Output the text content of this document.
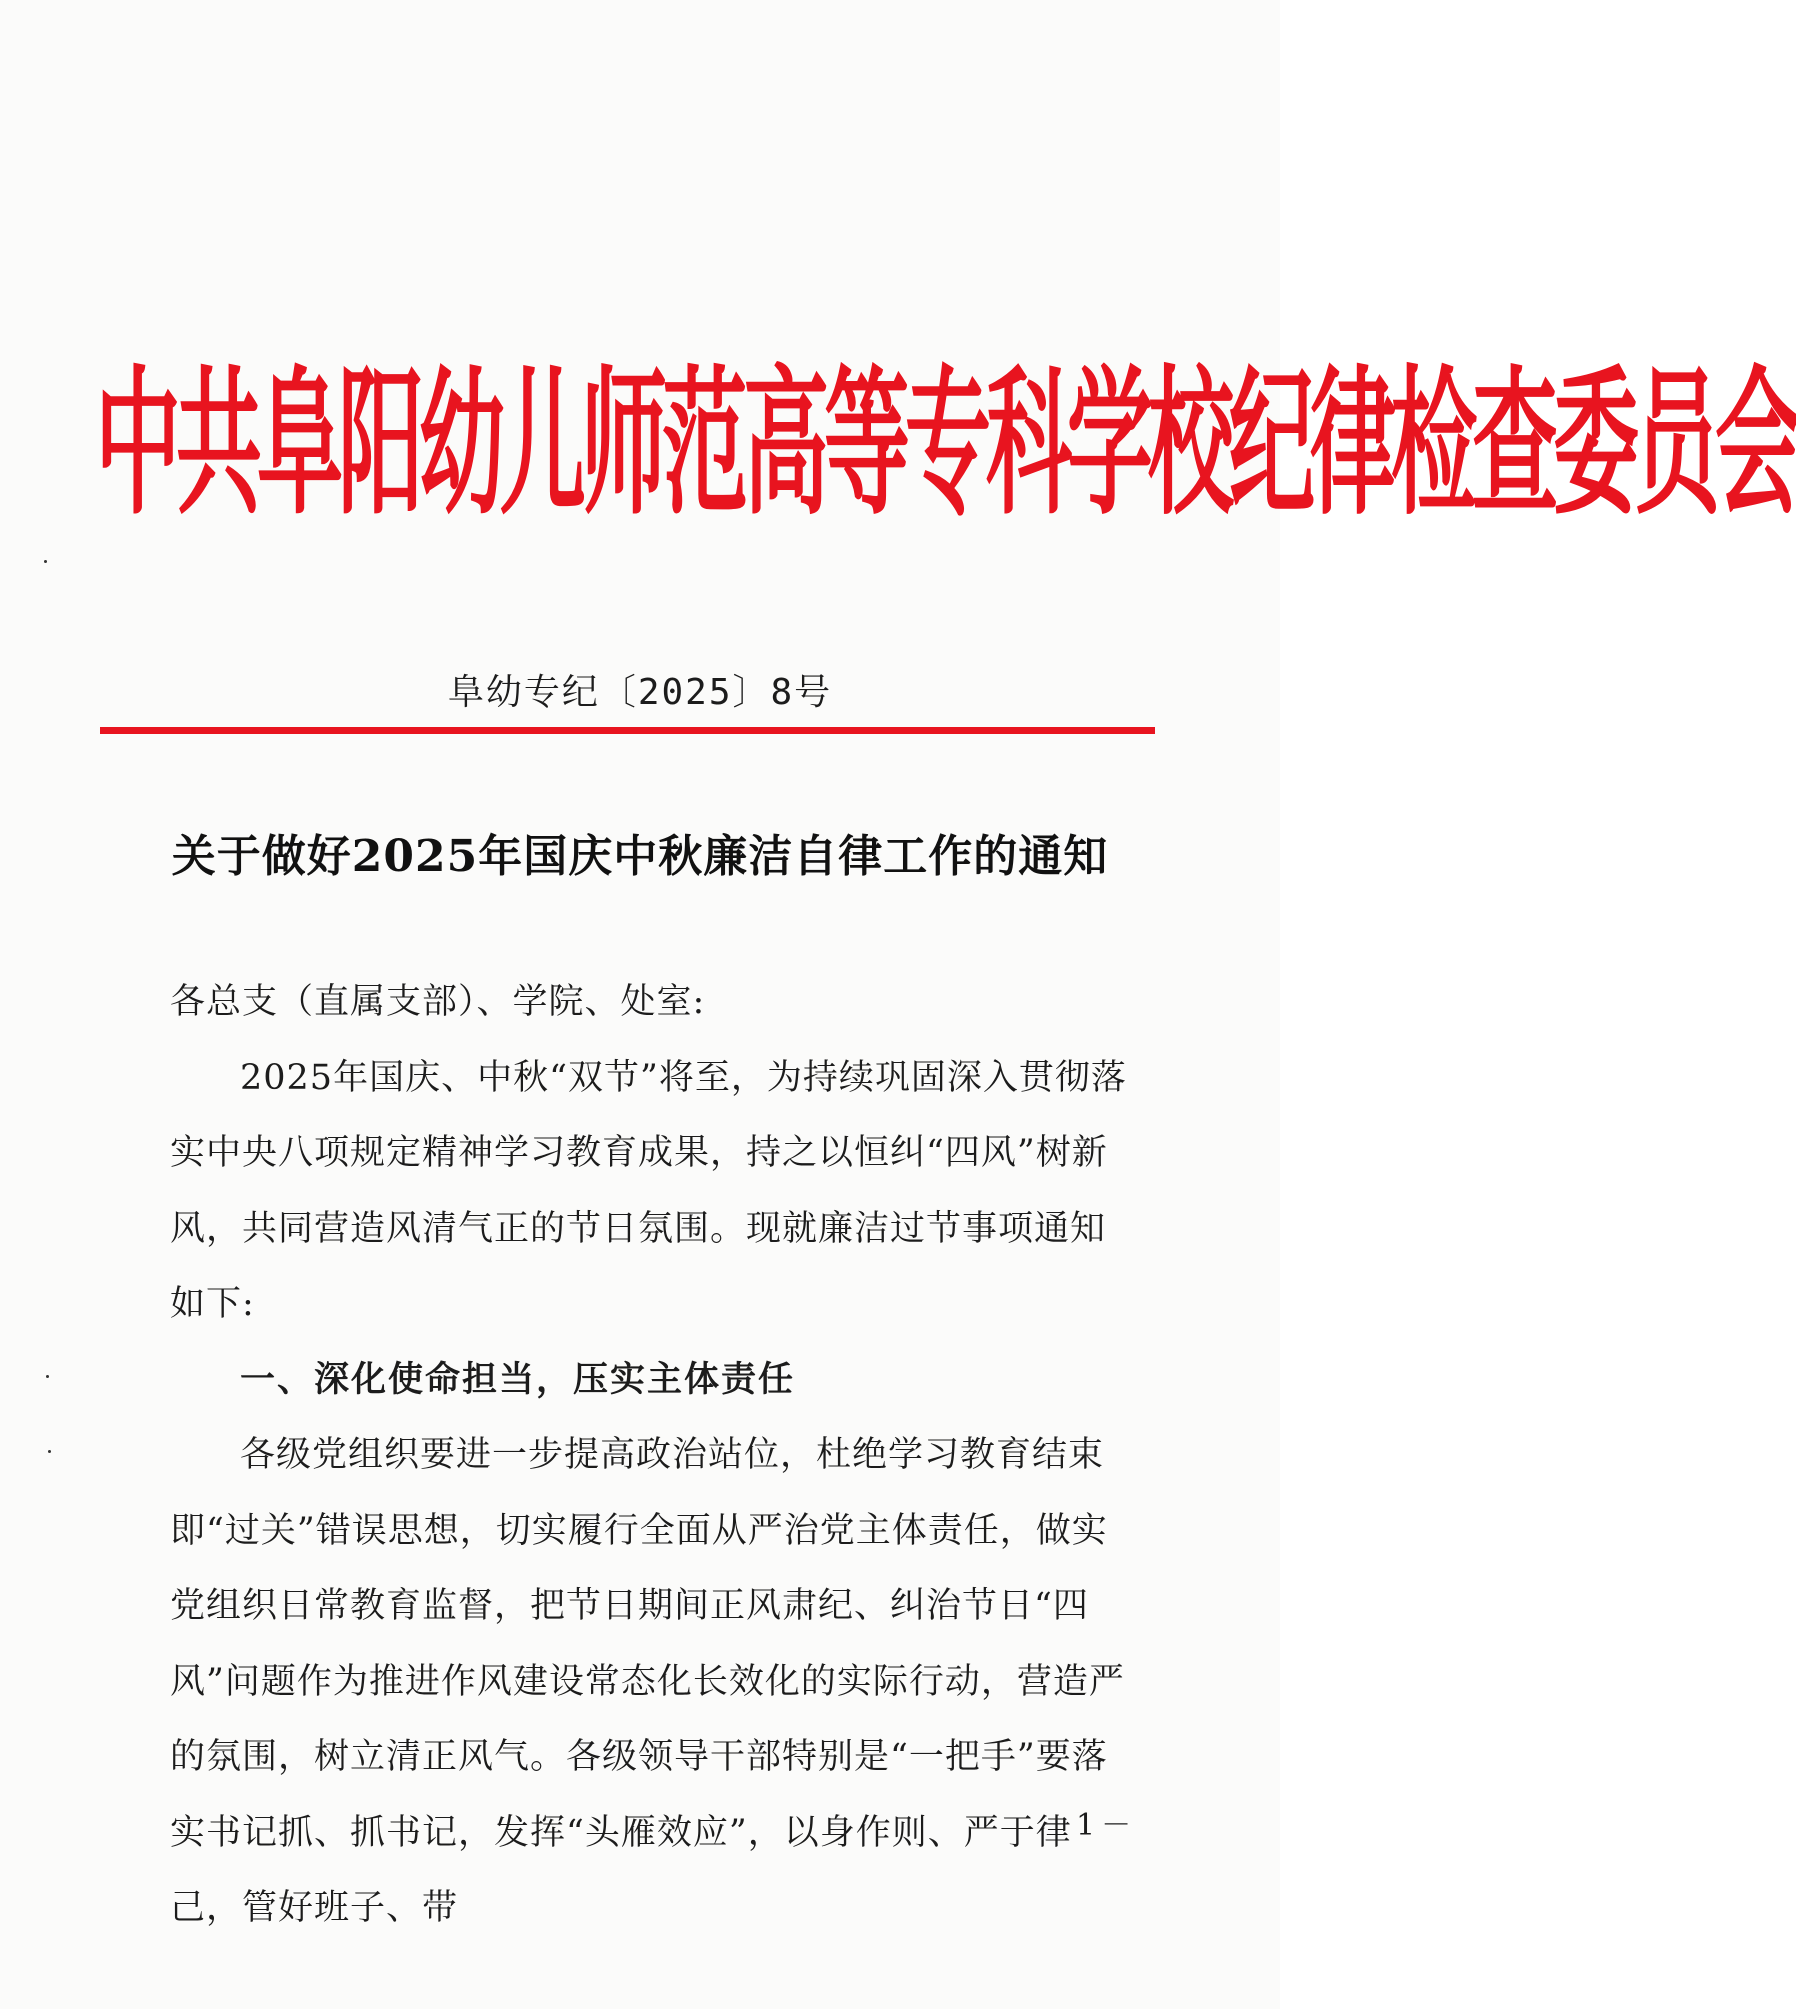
中共阜阳幼儿师范高等专科学校纪律检查委员会
阜幼专纪〔2025〕8号
关于做好2025年国庆中秋廉洁自律工作的通知

各总支（直属支部）、学院、处室:

2025年国庆、中秋“双节”将至，为持续巩固深入贯彻落实中央八项规定精神学习教育成果，持之以恒纠“四风”树新风，共同营造风清气正的节日氛围。现就廉洁过节事项通知如下:

一、深化使命担当，压实主体责任

各级党组织要进一步提高政治站位，杜绝学习教育结束即“过关”错误思想，切实履行全面从严治党主体责任，做实党组织日常教育监督，把节日期间正风肃纪、纠治节日“四风”问题作为推进作风建设常态化长效化的实际行动，营造严的氛围，树立清正风气。各级领导干部特别是“一把手”要落实书记抓、抓书记，发挥“头雁效应”，以身作则、严于律己，管好班子、带

－1－
